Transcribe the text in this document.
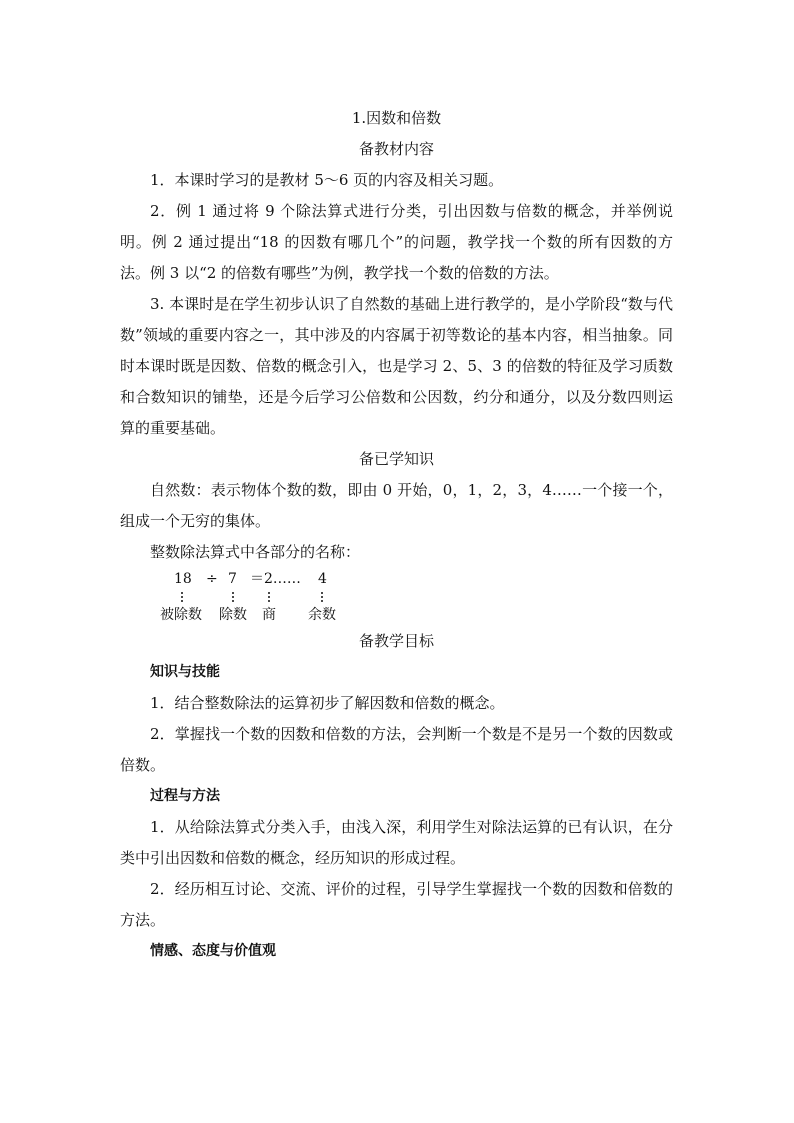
1.因数和倍数

备教材内容

1．本课时学习的是教材 5～6 页的内容及相关习题。

2．例 1 通过将 9 个除法算式进行分类，引出因数与倍数的概念，并举例说明。例 2 通过提出“18 的因数有哪几个”的问题，教学找一个数的所有因数的方法。例 3 以“2 的倍数有哪些”为例，教学找一个数的倍数的方法。

3. 本课时是在学生初步认识了自然数的基础上进行教学的，是小学阶段“数与代数”领域的重要内容之一，其中涉及的内容属于初等数论的基本内容，相当抽象。同时本课时既是因数、倍数的概念引入，也是学习 2、5、3 的倍数的特征及学习质数和合数知识的铺垫，还是今后学习公倍数和公因数，约分和通分，以及分数四则运算的重要基础。

备已学知识

自然数：表示物体个数的数，即由 0 开始，0，1，2，3，4……一个接一个，组成一个无穷的集体。

整数除法算式中各部分的名称：

18 ÷ 7 ＝2…… 4
被除数 除数 商 余数

备教学目标

知识与技能

1．结合整数除法的运算初步了解因数和倍数的概念。

2．掌握找一个数的因数和倍数的方法，会判断一个数是不是另一个数的因数或倍数。

过程与方法

1．从给除法算式分类入手，由浅入深，利用学生对除法运算的已有认识，在分类中引出因数和倍数的概念，经历知识的形成过程。

2．经历相互讨论、交流、评价的过程，引导学生掌握找一个数的因数和倍数的方法。

情感、态度与价值观
